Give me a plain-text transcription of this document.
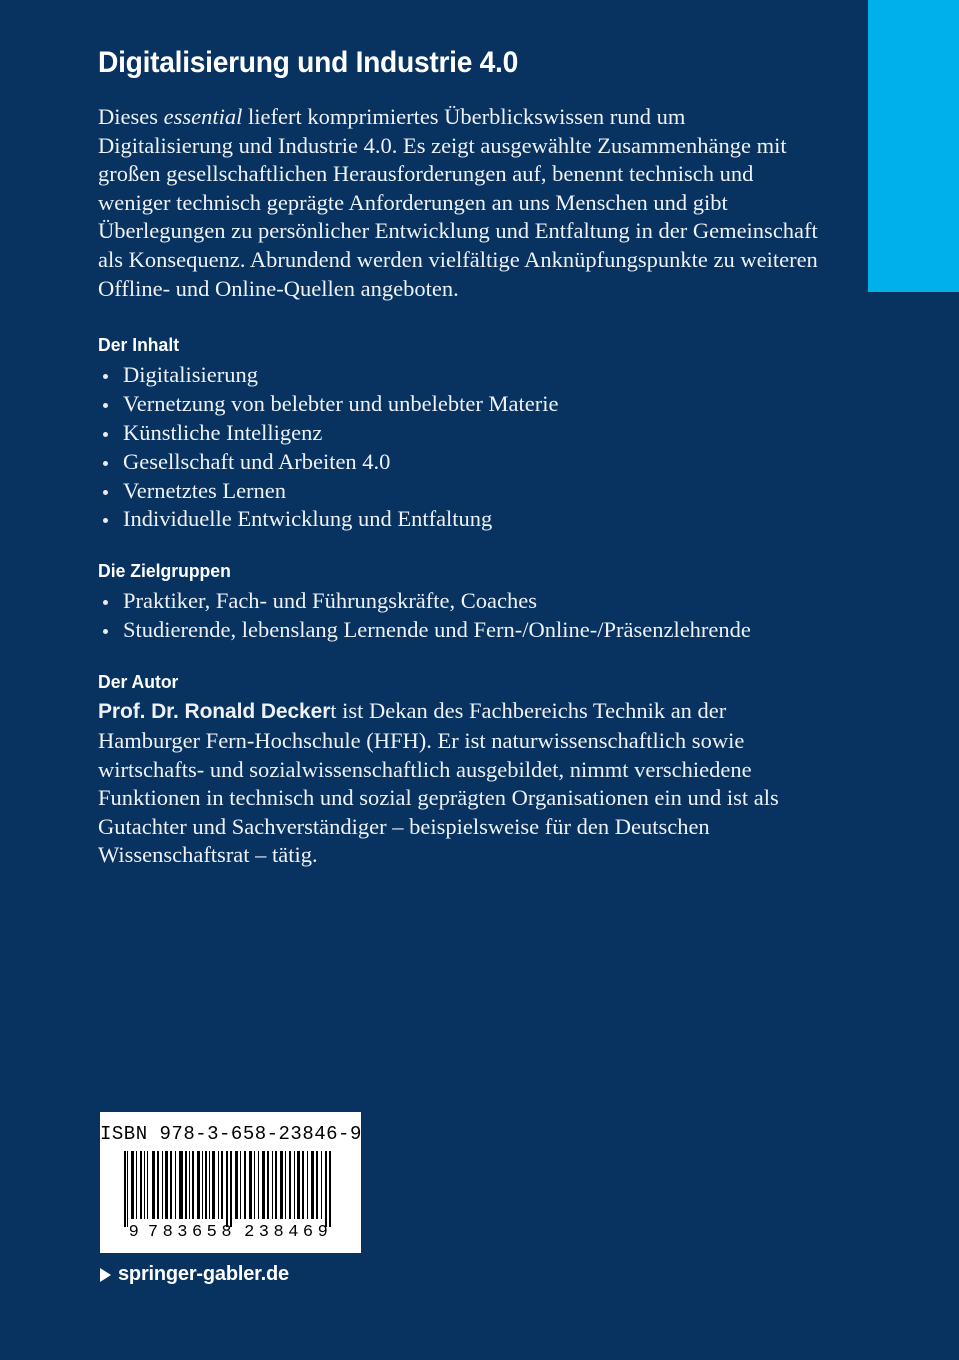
Digitalisierung und Industrie 4.0

Dieses essential liefert komprimiertes Überblickswissen rund um Digitalisierung und Industrie 4.0. Es zeigt ausgewählte Zusammenhänge mit großen gesellschaftlichen Herausforderungen auf, benennt technisch und weniger technisch geprägte Anforderungen an uns Menschen und gibt Überlegungen zu persönlicher Entwicklung und Entfaltung in der Gemeinschaft als Konsequenz. Abrundend werden vielfältige Anknüpfungspunkte zu weiteren Offline- und Online-Quellen angeboten.

Der Inhalt
Digitalisierung
Vernetzung von belebter und unbelebter Materie
Künstliche Intelligenz
Gesellschaft und Arbeiten 4.0
Vernetztes Lernen
Individuelle Entwicklung und Entfaltung
Die Zielgruppen
Praktiker, Fach- und Führungskräfte, Coaches
Studierende, lebenslang Lernende und Fern-/Online-/Präsenzlehrende
Der Autor

Prof. Dr. Ronald Deckert ist Dekan des Fachbereichs Technik an der Hamburger Fern-Hochschule (HFH). Er ist naturwissenschaftlich sowie wirtschafts- und sozialwissenschaftlich ausgebildet, nimmt verschiedene Funktionen in technisch und sozial geprägten Organisationen ein und ist als Gutachter und Sachverständiger – beispielsweise für den Deutschen Wissenschaftsrat – tätig.

ISBN 978-3-658-23846-9
9 783658 238469
springer-gabler.de
